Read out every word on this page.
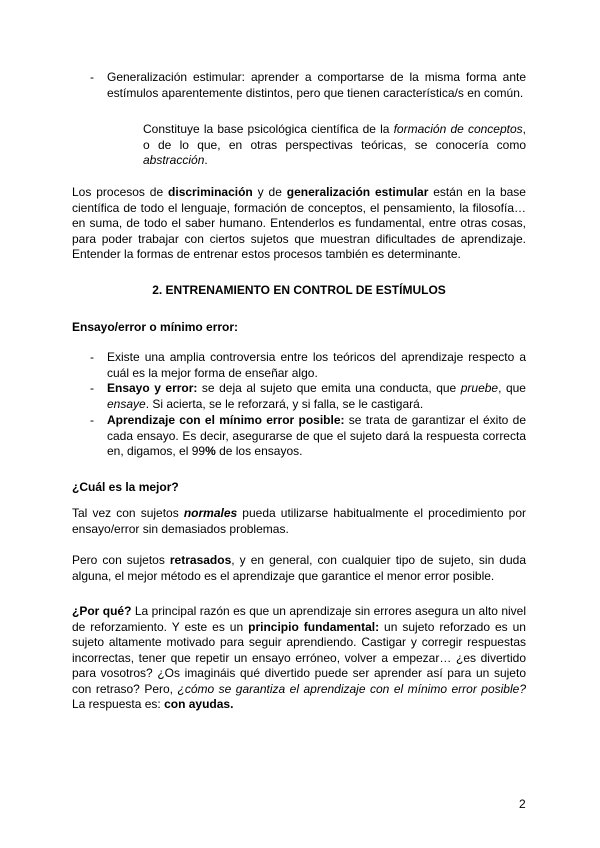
- Generalización estimular: aprender a comportarse de la misma forma ante estímulos aparentemente distintos, pero que tienen característica/s en común.
Constituye la base psicológica científica de la formación de conceptos, o de lo que, en otras perspectivas teóricas, se conocería como abstracción.
Los procesos de discriminación y de generalización estimular están en la base científica de todo el lenguaje, formación de conceptos, el pensamiento, la filosofía… en suma, de todo el saber humano. Entenderlos es fundamental, entre otras cosas, para poder trabajar con ciertos sujetos que muestran dificultades de aprendizaje. Entender la formas de entrenar estos procesos también es determinante.
2. ENTRENAMIENTO EN CONTROL DE ESTÍMULOS
Ensayo/error o mínimo error:
- Existe una amplia controversia entre los teóricos del aprendizaje respecto a cuál es la mejor forma de enseñar algo.
- Ensayo y error: se deja al sujeto que emita una conducta, que pruebe, que ensaye. Si acierta, se le reforzará, y si falla, se le castigará.
- Aprendizaje con el mínimo error posible: se trata de garantizar el éxito de cada ensayo. Es decir, asegurarse de que el sujeto dará la respuesta correcta en, digamos, el 99% de los ensayos.
¿Cuál es la mejor?
Tal vez con sujetos normales pueda utilizarse habitualmente el procedimiento por ensayo/error sin demasiados problemas.
Pero con sujetos retrasados, y en general, con cualquier tipo de sujeto, sin duda alguna, el mejor método es el aprendizaje que garantice el menor error posible.
¿Por qué? La principal razón es que un aprendizaje sin errores asegura un alto nivel de reforzamiento. Y este es un principio fundamental: un sujeto reforzado es un sujeto altamente motivado para seguir aprendiendo. Castigar y corregir respuestas incorrectas, tener que repetir un ensayo erróneo, volver a empezar… ¿es divertido para vosotros? ¿Os imagináis qué divertido puede ser aprender así para un sujeto con retraso? Pero, ¿cómo se garantiza el aprendizaje con el mínimo error posible? La respuesta es: con ayudas.
2
